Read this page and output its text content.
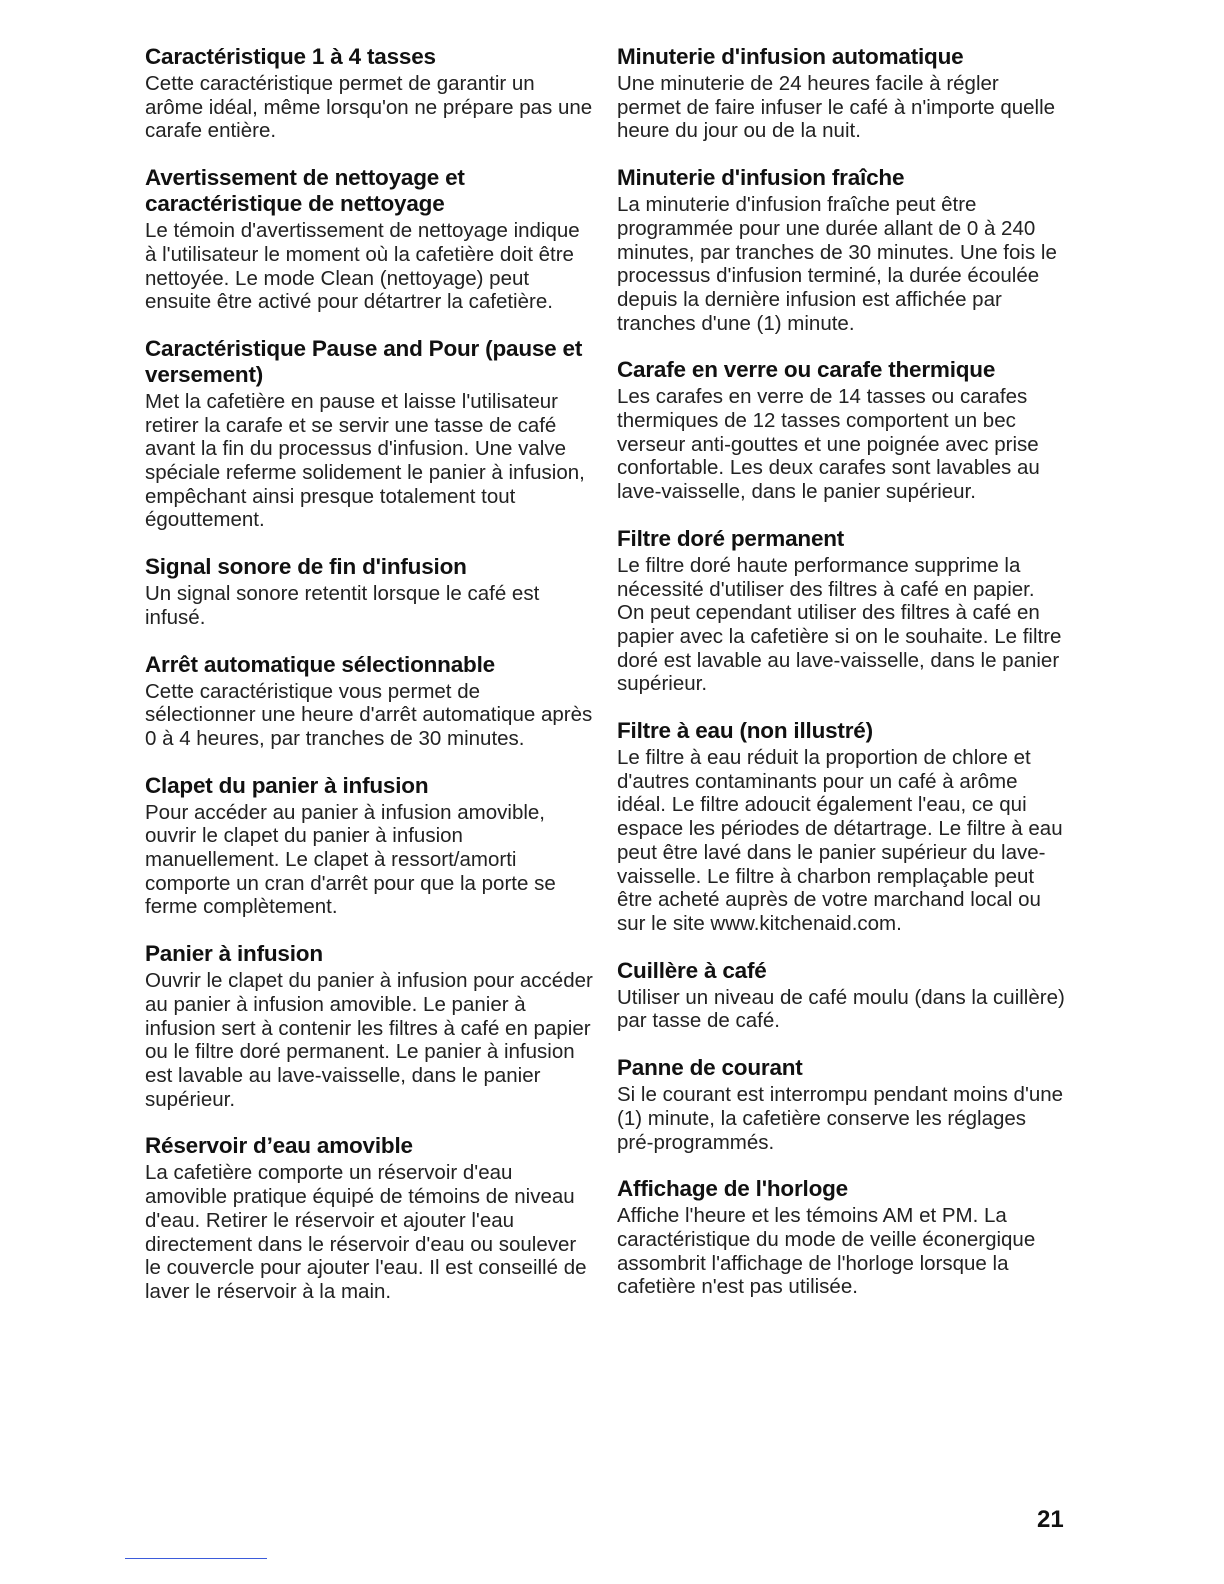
Caractéristique 1 à 4 tasses

Cette caractéristique permet de garantir un arôme idéal, même lorsqu'on ne prépare pas une carafe entière.

Avertissement de nettoyage et caractéristique de nettoyage

Le témoin d'avertissement de nettoyage indique à l'utilisateur le moment où la cafetière doit être nettoyée. Le mode Clean (nettoyage) peut ensuite être activé pour détartrer la cafetière.

Caractéristique Pause and Pour (pause et versement)

Met la cafetière en pause et laisse l'utilisateur retirer la carafe et se servir une tasse de café avant la fin du processus d'infusion. Une valve spéciale referme solidement le panier à infusion, empêchant ainsi presque totalement tout égouttement.

Signal sonore de fin d'infusion

Un signal sonore retentit lorsque le café est infusé.

Arrêt automatique sélectionnable

Cette caractéristique vous permet de sélectionner une heure d'arrêt automatique après 0 à 4 heures, par tranches de 30 minutes.

Clapet du panier à infusion

Pour accéder au panier à infusion amovible, ouvrir le clapet du panier à infusion manuellement. Le clapet à ressort/amorti comporte un cran d'arrêt pour que la porte se ferme complètement.

Panier à infusion

Ouvrir le clapet du panier à infusion pour accéder au panier à infusion amovible. Le panier à infusion sert à contenir les filtres à café en papier ou le filtre doré permanent. Le panier à infusion est lavable au lave-vaisselle, dans le panier supérieur.

Réservoir d’eau amovible

La cafetière comporte un réservoir d'eau amovible pratique équipé de témoins de niveau d'eau. Retirer le réservoir et ajouter l'eau directement dans le réservoir d'eau ou soulever le couvercle pour ajouter l'eau. Il est conseillé de laver le réservoir à la main.

Minuterie d'infusion automatique

Une minuterie de 24 heures facile à régler permet de faire infuser le café à n'importe quelle heure du jour ou de la nuit.

Minuterie d'infusion fraîche

La minuterie d'infusion fraîche peut être programmée pour une durée allant de 0 à 240 minutes, par tranches de 30 minutes. Une fois le processus d'infusion terminé, la durée écoulée depuis la dernière infusion est affichée par tranches d'une (1) minute.

Carafe en verre ou carafe thermique

Les carafes en verre de 14 tasses ou carafes thermiques de 12 tasses comportent un bec verseur anti-gouttes et une poignée avec prise confortable. Les deux carafes sont lavables au lave-vaisselle, dans le panier supérieur.

Filtre doré permanent

Le filtre doré haute performance supprime la nécessité d'utiliser des filtres à café en papier. On peut cependant utiliser des filtres à café en papier avec la cafetière si on le souhaite. Le filtre doré est lavable au lave-vaisselle, dans le panier supérieur.

Filtre à eau (non illustré)

Le filtre à eau réduit la proportion de chlore et d'autres contaminants pour un café à arôme idéal. Le filtre adoucit également l'eau, ce qui espace les périodes de détartrage. Le filtre à eau peut être lavé dans le panier supérieur du lave-vaisselle. Le filtre à charbon remplaçable peut être acheté auprès de votre marchand local ou sur le site www.kitchenaid.com.

Cuillère à café

Utiliser un niveau de café moulu (dans la cuillère) par tasse de café.

Panne de courant

Si le courant est interrompu pendant moins d'une (1) minute, la cafetière conserve les réglages pré-programmés.

Affichage de l'horloge

Affiche l'heure et les témoins AM et PM. La caractéristique du mode de veille éconergique assombrit l'affichage de l'horloge lorsque la cafetière n'est pas utilisée.

21
